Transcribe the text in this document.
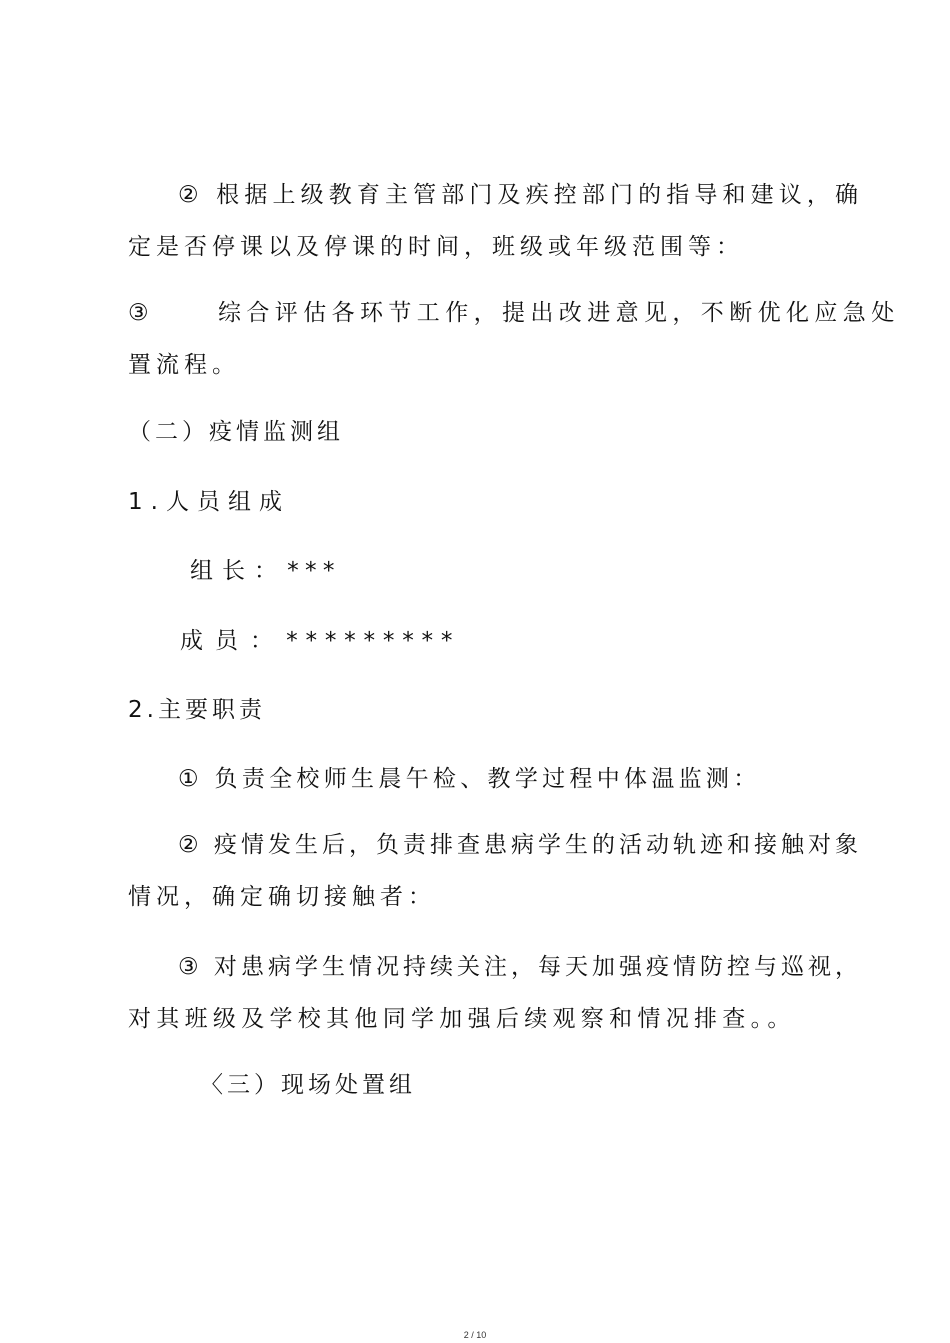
② 根据上级教育主管部门及疾控部门的指导和建议，确
定是否停课以及停课的时间，班级或年级范围等：
③	综合评估各环节工作，提出改进意见，不断优化应急处
置流程。
（二）疫情监测组
1.人员组成
组长：***
成员：*********
2.主要职责
① 负责全校师生晨午检、教学过程中体温监测：
② 疫情发生后，负责排查患病学生的活动轨迹和接触对象
情况，确定确切接触者：
③ 对患病学生情况持续关注，每天加强疫情防控与巡视，
对其班级及学校其他同学加强后续观察和情况排查。。
〈三）现场处置组
2 / 10
